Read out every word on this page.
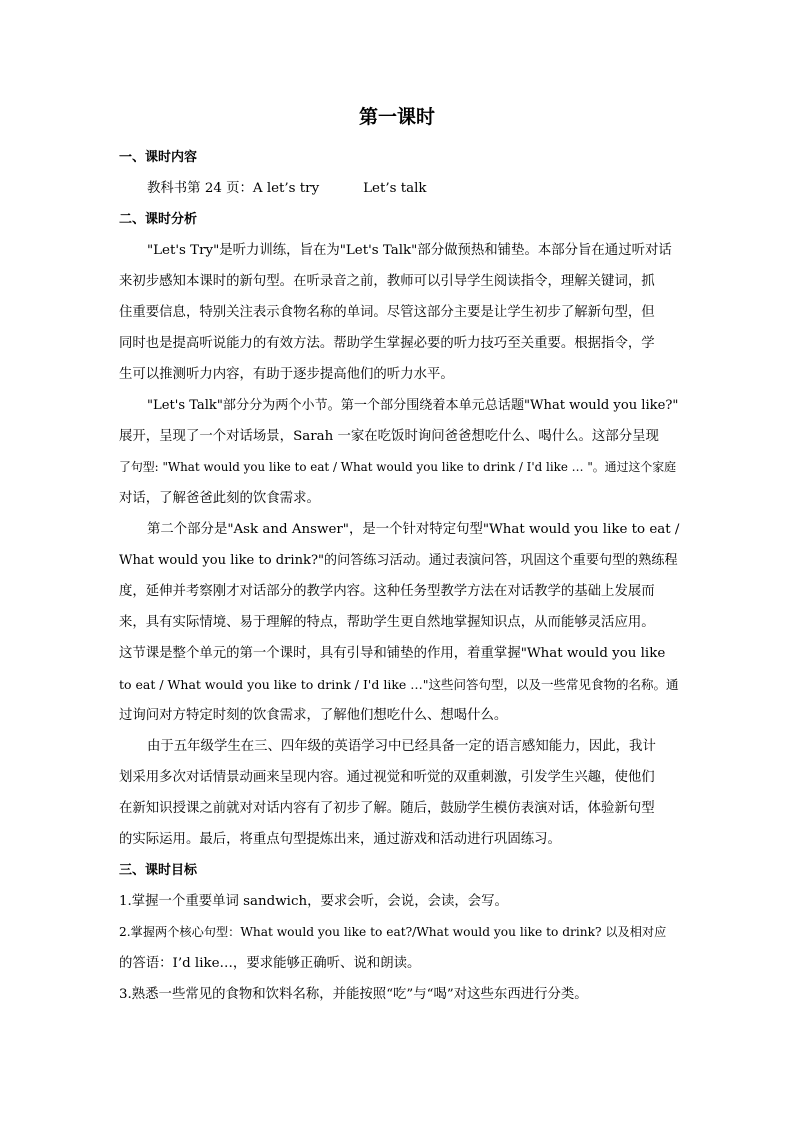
第一课时
一、课时内容
教科书第 24 页：A let’s try	Let’s talk
二、课时分析
"Let's Try"是听力训练，旨在为"Let's Talk"部分做预热和铺垫。本部分旨在通过听对话
来初步感知本课时的新句型。在听录音之前，教师可以引导学生阅读指令，理解关键词，抓
住重要信息，特别关注表示食物名称的单词。尽管这部分主要是让学生初步了解新句型，但
同时也是提高听说能力的有效方法。帮助学生掌握必要的听力技巧至关重要。根据指令，学
生可以推测听力内容，有助于逐步提高他们的听力水平。
"Let's Talk"部分分为两个小节。第一个部分围绕着本单元总话题"What would you like?"
展开，呈现了一个对话场景，Sarah 一家在吃饭时询问爸爸想吃什么、喝什么。这部分呈现
了句型: "What would you like to eat / What would you like to drink / I'd like … "。通过这个家庭
对话，了解爸爸此刻的饮食需求。
第二个部分是"Ask and Answer"，是一个针对特定句型"What would you like to eat /
What would you like to drink?"的问答练习活动。通过表演问答，巩固这个重要句型的熟练程
度，延伸并考察刚才对话部分的教学内容。这种任务型教学方法在对话教学的基础上发展而
来，具有实际情境、易于理解的特点，帮助学生更自然地掌握知识点，从而能够灵活应用。
这节课是整个单元的第一个课时，具有引导和铺垫的作用，着重掌握"What would you like
to eat / What would you like to drink / I'd like …"这些问答句型，以及一些常见食物的名称。通
过询问对方特定时刻的饮食需求，了解他们想吃什么、想喝什么。
由于五年级学生在三、四年级的英语学习中已经具备一定的语言感知能力，因此，我计
划采用多次对话情景动画来呈现内容。通过视觉和听觉的双重刺激，引发学生兴趣，使他们
在新知识授课之前就对对话内容有了初步了解。随后，鼓励学生模仿表演对话，体验新句型
的实际运用。最后，将重点句型提炼出来，通过游戏和活动进行巩固练习。
三、课时目标
1.掌握一个重要单词 sandwich，要求会听，会说，会读，会写。
2.掌握两个核心句型：What would you like to eat?/What would you like to drink? 以及相对应
的答语：I’d like…，要求能够正确听、说和朗读。
3.熟悉一些常见的食物和饮料名称，并能按照“吃”与“喝”对这些东西进行分类。
